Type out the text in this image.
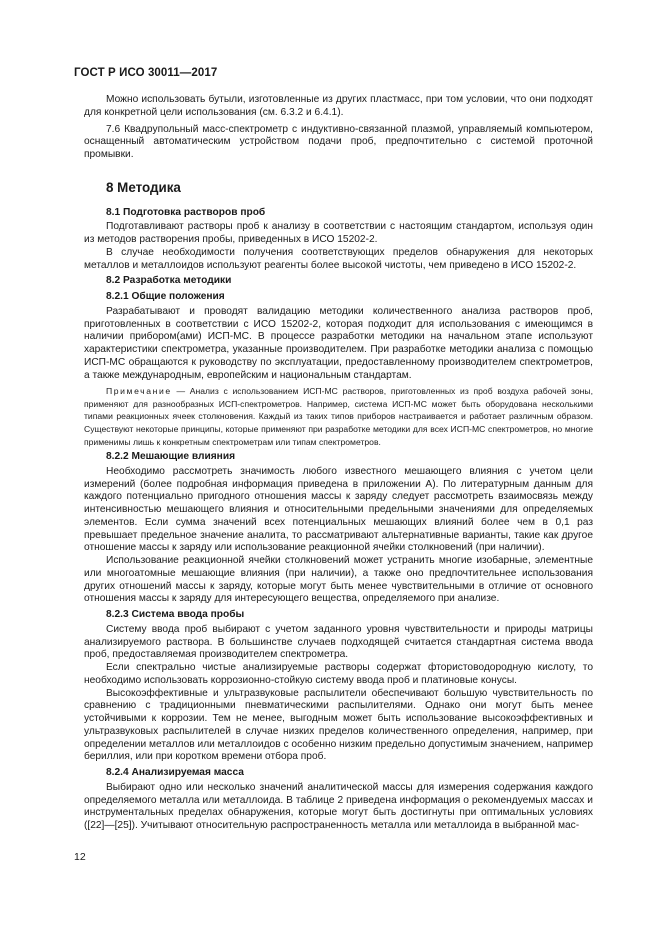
ГОСТ Р ИСО 30011—2017

Можно использовать бутыли, изготовленные из других пластмасс, при том условии, что они подходят для конкретной цели использования (см. 6.3.2 и 6.4.1).

7.6 Квадрупольный масс-спектрометр с индуктивно-связанной плазмой, управляемый компьютером, оснащенный автоматическим устройством подачи проб, предпочтительно с системой проточной промывки.

8 Методика
8.1 Подготовка растворов проб

Подготавливают растворы проб к анализу в соответствии с настоящим стандартом, используя один из методов растворения пробы, приведенных в ИСО 15202-2.

В случае необходимости получения соответствующих пределов обнаружения для некоторых металлов и металлоидов используют реагенты более высокой чистоты, чем приведено в ИСО 15202-2.

8.2 Разработка методики
8.2.1 Общие положения

Разрабатывают и проводят валидацию методики количественного анализа растворов проб, приготовленных в соответствии с ИСО 15202-2, которая подходит для использования с имеющимся в наличии прибором(ами) ИСП-МС. В процессе разработки методики на начальном этапе используют характеристики спектрометра, указанные производителем. При разработке методики анализа с помощью ИСП-МС обращаются к руководству по эксплуатации, предоставленному производителем спектрометров, а также международным, европейским и национальным стандартам.

Примечание — Анализ с использованием ИСП-МС растворов, приготовленных из проб воздуха рабочей зоны, применяют для разнообразных ИСП-спектрометров. Например, система ИСП-МС может быть оборудована несколькими типами реакционных ячеек столкновения. Каждый из таких типов приборов настраивается и работает различным образом. Существуют некоторые принципы, которые применяют при разработке методики для всех ИСП-МС спектрометров, но многие применимы лишь к конкретным спектрометрам или типам спектрометров.

8.2.2 Мешающие влияния

Необходимо рассмотреть значимость любого известного мешающего влияния с учетом цели измерений (более подробная информация приведена в приложении А). По литературным данным для каждого потенциально пригодного отношения массы к заряду следует рассмотреть взаимосвязь между интенсивностью мешающего влияния и относительными предельными значениями для определяемых элементов. Если сумма значений всех потенциальных мешающих влияний более чем в 0,1 раз превышает предельное значение аналита, то рассматривают альтернативные варианты, такие как другое отношение массы к заряду или использование реакционной ячейки столкновений (при наличии).

Использование реакционной ячейки столкновений может устранить многие изобарные, элементные или многоатомные мешающие влияния (при наличии), а также оно предпочтительнее использования других отношений массы к заряду, которые могут быть менее чувствительными в отличие от основного отношения массы к заряду для интересующего вещества, определяемого при анализе.

8.2.3 Система ввода пробы

Систему ввода проб выбирают с учетом заданного уровня чувствительности и природы матрицы анализируемого раствора. В большинстве случаев подходящей считается стандартная система ввода проб, предоставляемая производителем спектрометра.

Если спектрально чистые анализируемые растворы содержат фтористоводородную кислоту, то необходимо использовать коррозионно-стойкую систему ввода проб и платиновые конусы.

Высокоэффективные и ультразвуковые распылители обеспечивают большую чувствительность по сравнению с традиционными пневматическими распылителями. Однако они могут быть менее устойчивыми к коррозии. Тем не менее, выгодным может быть использование высокоэффективных и ультразвуковых распылителей в случае низких пределов количественного определения, например, при определении металлов или металлоидов с особенно низким предельно допустимым значением, например бериллия, или при коротком времени отбора проб.

8.2.4 Анализируемая масса

Выбирают одно или несколько значений аналитической массы для измерения содержания каждого определяемого металла или металлоида. В таблице 2 приведена информация о рекомендуемых массах и инструментальных пределах обнаружения, которые могут быть достигнуты при оптимальных условиях ([22]—[25]). Учитывают относительную распространенность металла или металлоида в выбранной мас-

12
